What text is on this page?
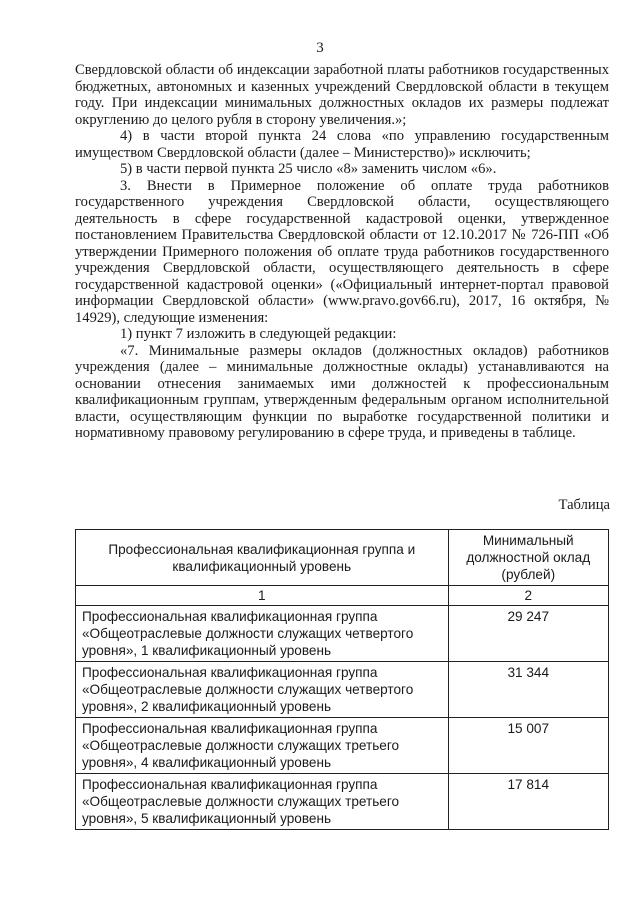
3

Свердловской области об индексации заработной платы работников государственных бюджетных, автономных и казенных учреждений Свердловской области в текущем году. При индексации минимальных должностных окладов их размеры подлежат округлению до целого рубля в сторону увеличения.»;

4) в части второй пункта 24 слова «по управлению государственным имуществом Свердловской области (далее – Министерство)» исключить;

5) в части первой пункта 25 число «8» заменить числом «6».

3. Внести в Примерное положение об оплате труда работников государственного учреждения Свердловской области, осуществляющего деятельность в сфере государственной кадастровой оценки, утвержденное постановлением Правительства Свердловской области от 12.10.2017 № 726-ПП «Об утверждении Примерного положения об оплате труда работников государственного учреждения Свердловской области, осуществляющего деятельность в сфере государственной кадастровой оценки» («Официальный интернет-портал правовой информации Свердловской области» (www.pravo.gov66.ru), 2017, 16 октября, № 14929), следующие изменения:

1) пункт 7 изложить в следующей редакции:

«7. Минимальные размеры окладов (должностных окладов) работников учреждения (далее – минимальные должностные оклады) устанавливаются на основании отнесения занимаемых ими должностей к профессиональным квалификационным группам, утвержденным федеральным органом исполнительной власти, осуществляющим функции по выработке государственной политики и нормативному правовому регулированию в сфере труда, и приведены в таблице.

Таблица
Профессиональная квалификационная группа и квалификационный уровень	Минимальный должностной оклад (рублей)
1	2
Профессиональная квалификационная группа «Общеотраслевые должности служащих четвертого уровня», 1 квалификационный уровень	29 247
Профессиональная квалификационная группа «Общеотраслевые должности служащих четвертого уровня», 2 квалификационный уровень	31 344
Профессиональная квалификационная группа «Общеотраслевые должности служащих третьего уровня», 4 квалификационный уровень	15 007
Профессиональная квалификационная группа «Общеотраслевые должности служащих третьего уровня», 5 квалификационный уровень	17 814
